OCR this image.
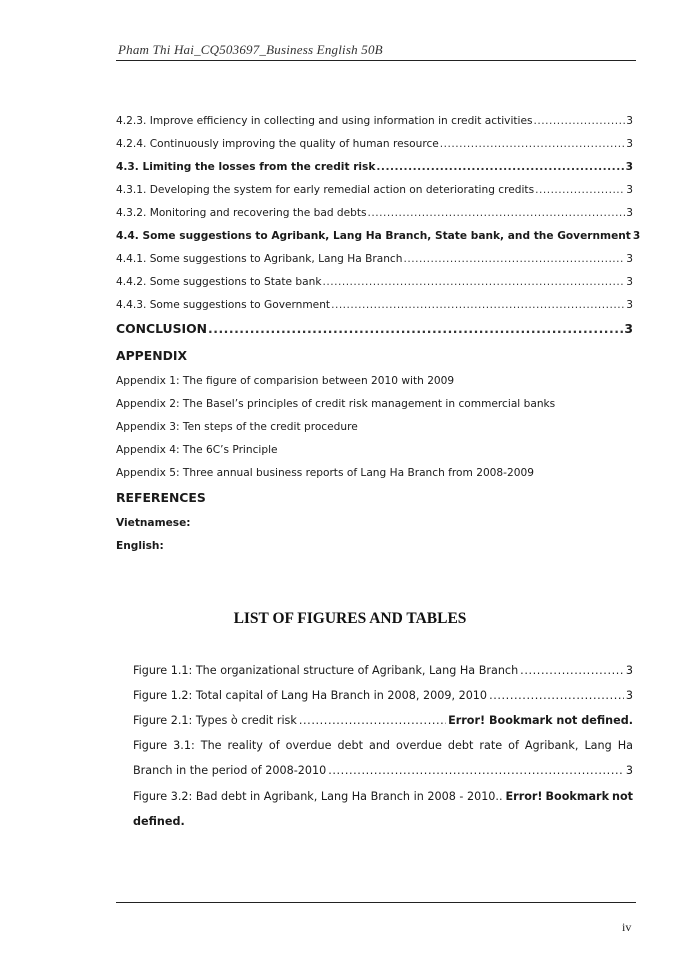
Pham Thi Hai_CQ503697_Business English 50B
4.2.3. Improve efficiency in collecting and using information in credit activities .....	3
4.2.4. Continuously improving the quality of human resource .....	3
4.3. Limiting the losses from the credit risk .....	3
4.3.1. Developing the system for early remedial action on deteriorating credits .....	3
4.3.2. Monitoring and recovering the bad debts .....	3
4.4. Some suggestions to Agribank, Lang Ha Branch, State bank, and the Government 3
4.4.1. Some suggestions to Agribank, Lang Ha Branch .....	3
4.4.2. Some suggestions to State bank .....	3
4.4.3. Some suggestions to Government .....	3
CONCLUSION .....	3
APPENDIX
Appendix 1: The figure of comparision between 2010 with 2009
Appendix 2: The Basel’s principles of credit risk management in commercial banks
Appendix 3: Ten steps of the credit procedure
Appendix 4: The 6C’s Principle
Appendix 5: Three annual business reports of Lang Ha Branch from 2008-2009
REFERENCES
Vietnamese:
English:
LIST OF FIGURES AND TABLES
Figure 1.1: The organizational structure of Agribank, Lang Ha Branch .....	3
Figure 1.2: Total capital of Lang Ha Branch in 2008, 2009, 2010 .....	3
Figure 2.1: Types ò credit risk .....	Error! Bookmark not defined.
Figure 3.1: The reality of overdue debt and overdue debt rate of Agribank, Lang Ha
Branch in the period of 2008-2010 .....	3
Figure 3.2: Bad debt in Agribank, Lang Ha Branch in 2008 - 2010.. Error! Bookmark not
defined.
iv
